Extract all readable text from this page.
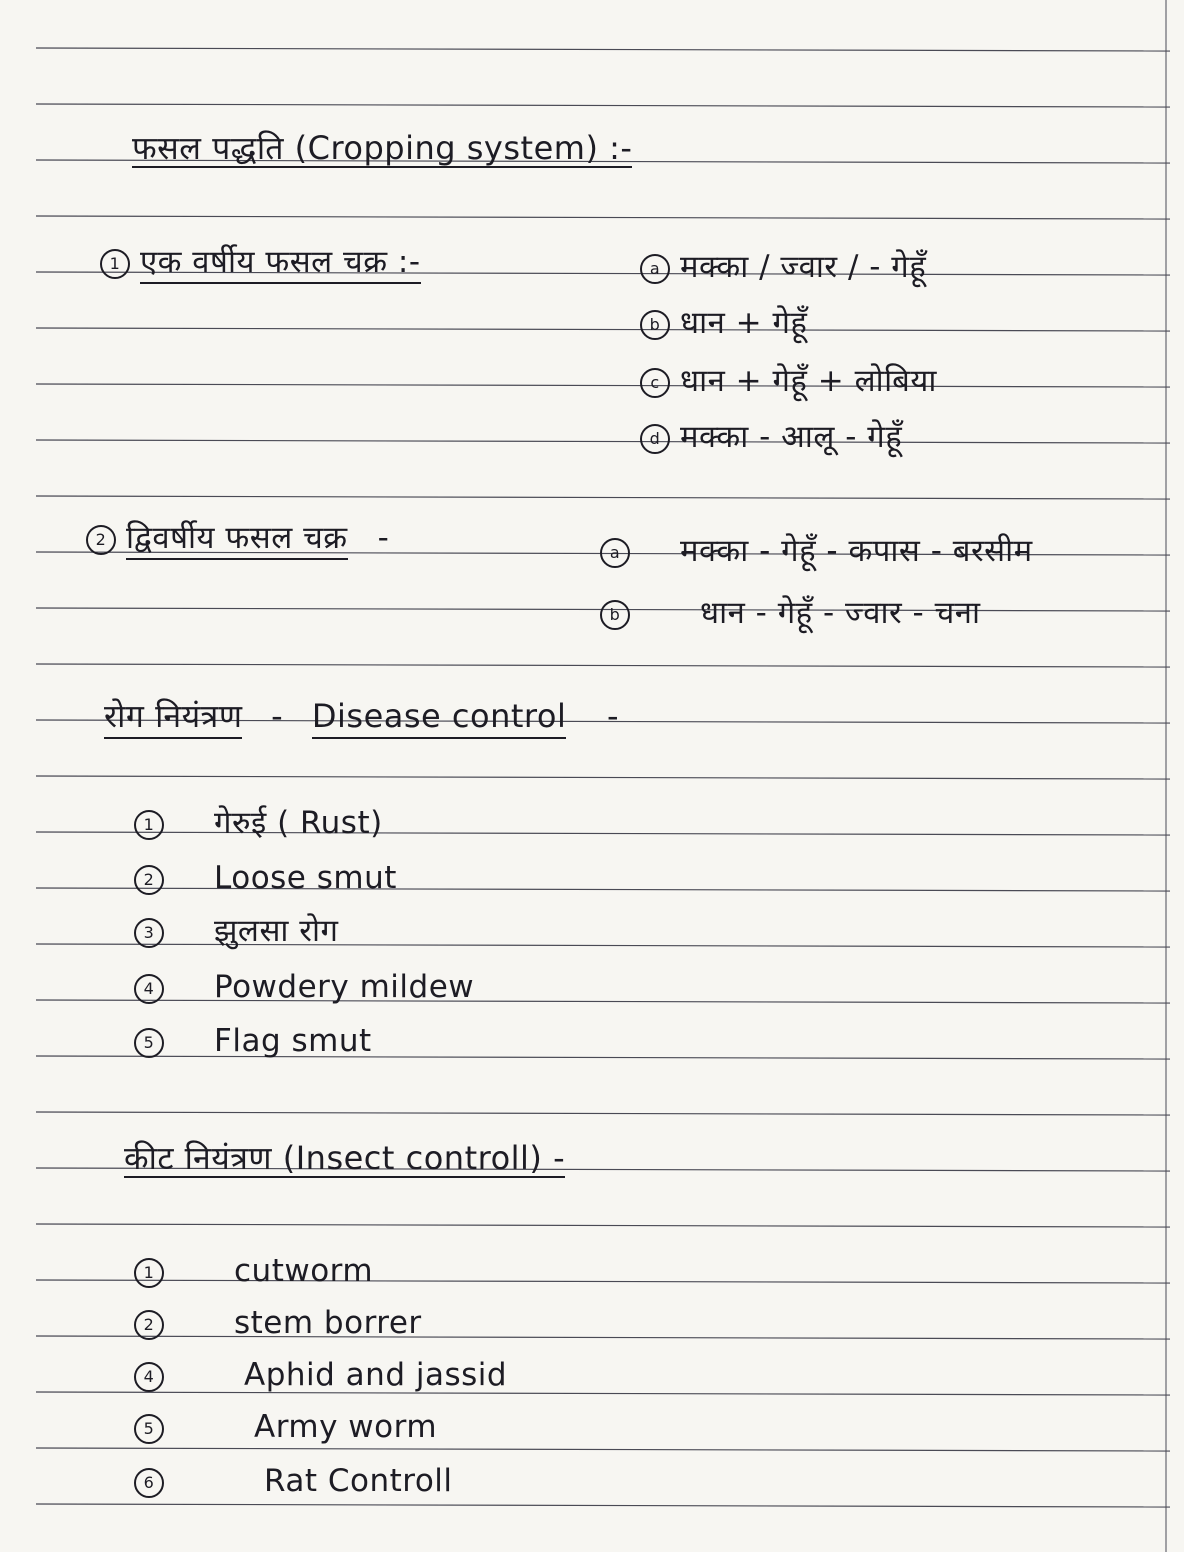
फसल पद्धति (Cropping system) :-
1 एक वर्षीय फसल चक्र :-	a मक्का / ज्वार / - गेहूँ
b धान + गेहूँ
c धान + गेहूँ + लोबिया
d मक्का - आलू - गेहूँ
2 द्विवर्षीय फसल चक्र -	a मक्का - गेहूँ - कपास - बरसीम
b	धान - गेहूँ - ज्वार - चना
रोग नियंत्रण - Disease control -
1 गेरुई ( Rust)
2 Loose smut
3 झुलसा रोग
4 Powdery mildew
5 Flag smut
कीट नियंत्रण (Insect controll) -
1	cutworm
2	stem borrer
4	Aphid and jassid
5	Army worm
6	Rat Controll
